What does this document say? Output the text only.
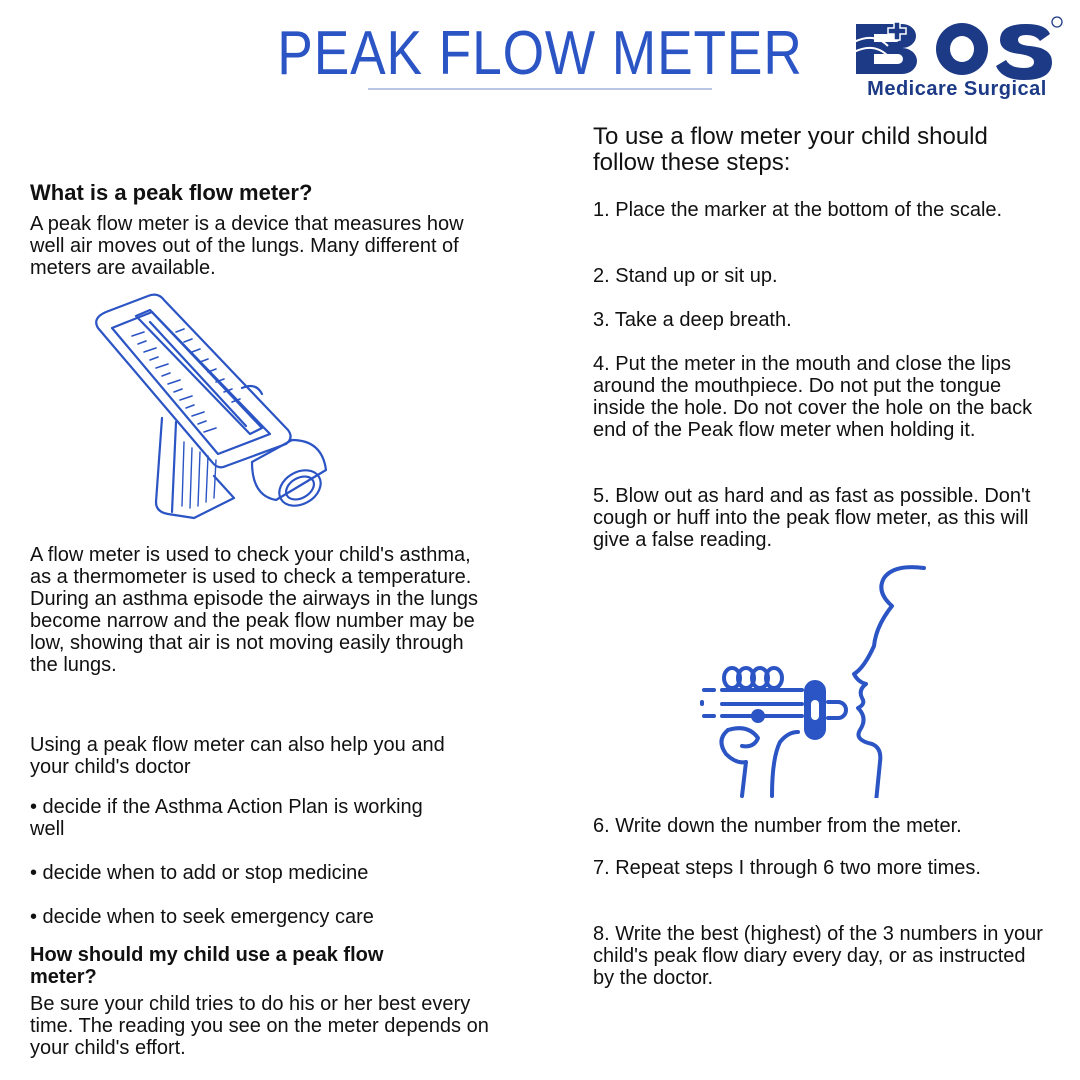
PEAK FLOW METER
Medicare Surgical
What is a peak flow meter?
A peak flow meter is a device that measures how well air moves out of the lungs. Many different of meters are available.
A flow meter is used to check your child's asthma, as a thermometer is used to check a temperature. During an asthma episode the airways in the lungs become narrow and the peak flow number may be low, showing that air is not moving easily through the lungs.
Using a peak flow meter can also help you and your child's doctor
• decide if the Asthma Action Plan is working well
• decide when to add or stop medicine
• decide when to seek emergency care
How should my child use a peak flow meter?
Be sure your child tries to do his or her best every time. The reading you see on the meter depends on your child's effort.
To use a flow meter your child should follow these steps:
1. Place the marker at the bottom of the scale.
2. Stand up or sit up.
3. Take a deep breath.
4. Put the meter in the mouth and close the lips around the mouthpiece. Do not put the tongue inside the hole. Do not cover the hole on the back end of the Peak flow meter when holding it.
5. Blow out as hard and as fast as possible. Don't cough or huff into the peak flow meter, as this will give a false reading.
6. Write down the number from the meter.
7. Repeat steps I through 6 two more times.
8. Write the best (highest) of the 3 numbers in your child's peak flow diary every day, or as instructed by the doctor.
